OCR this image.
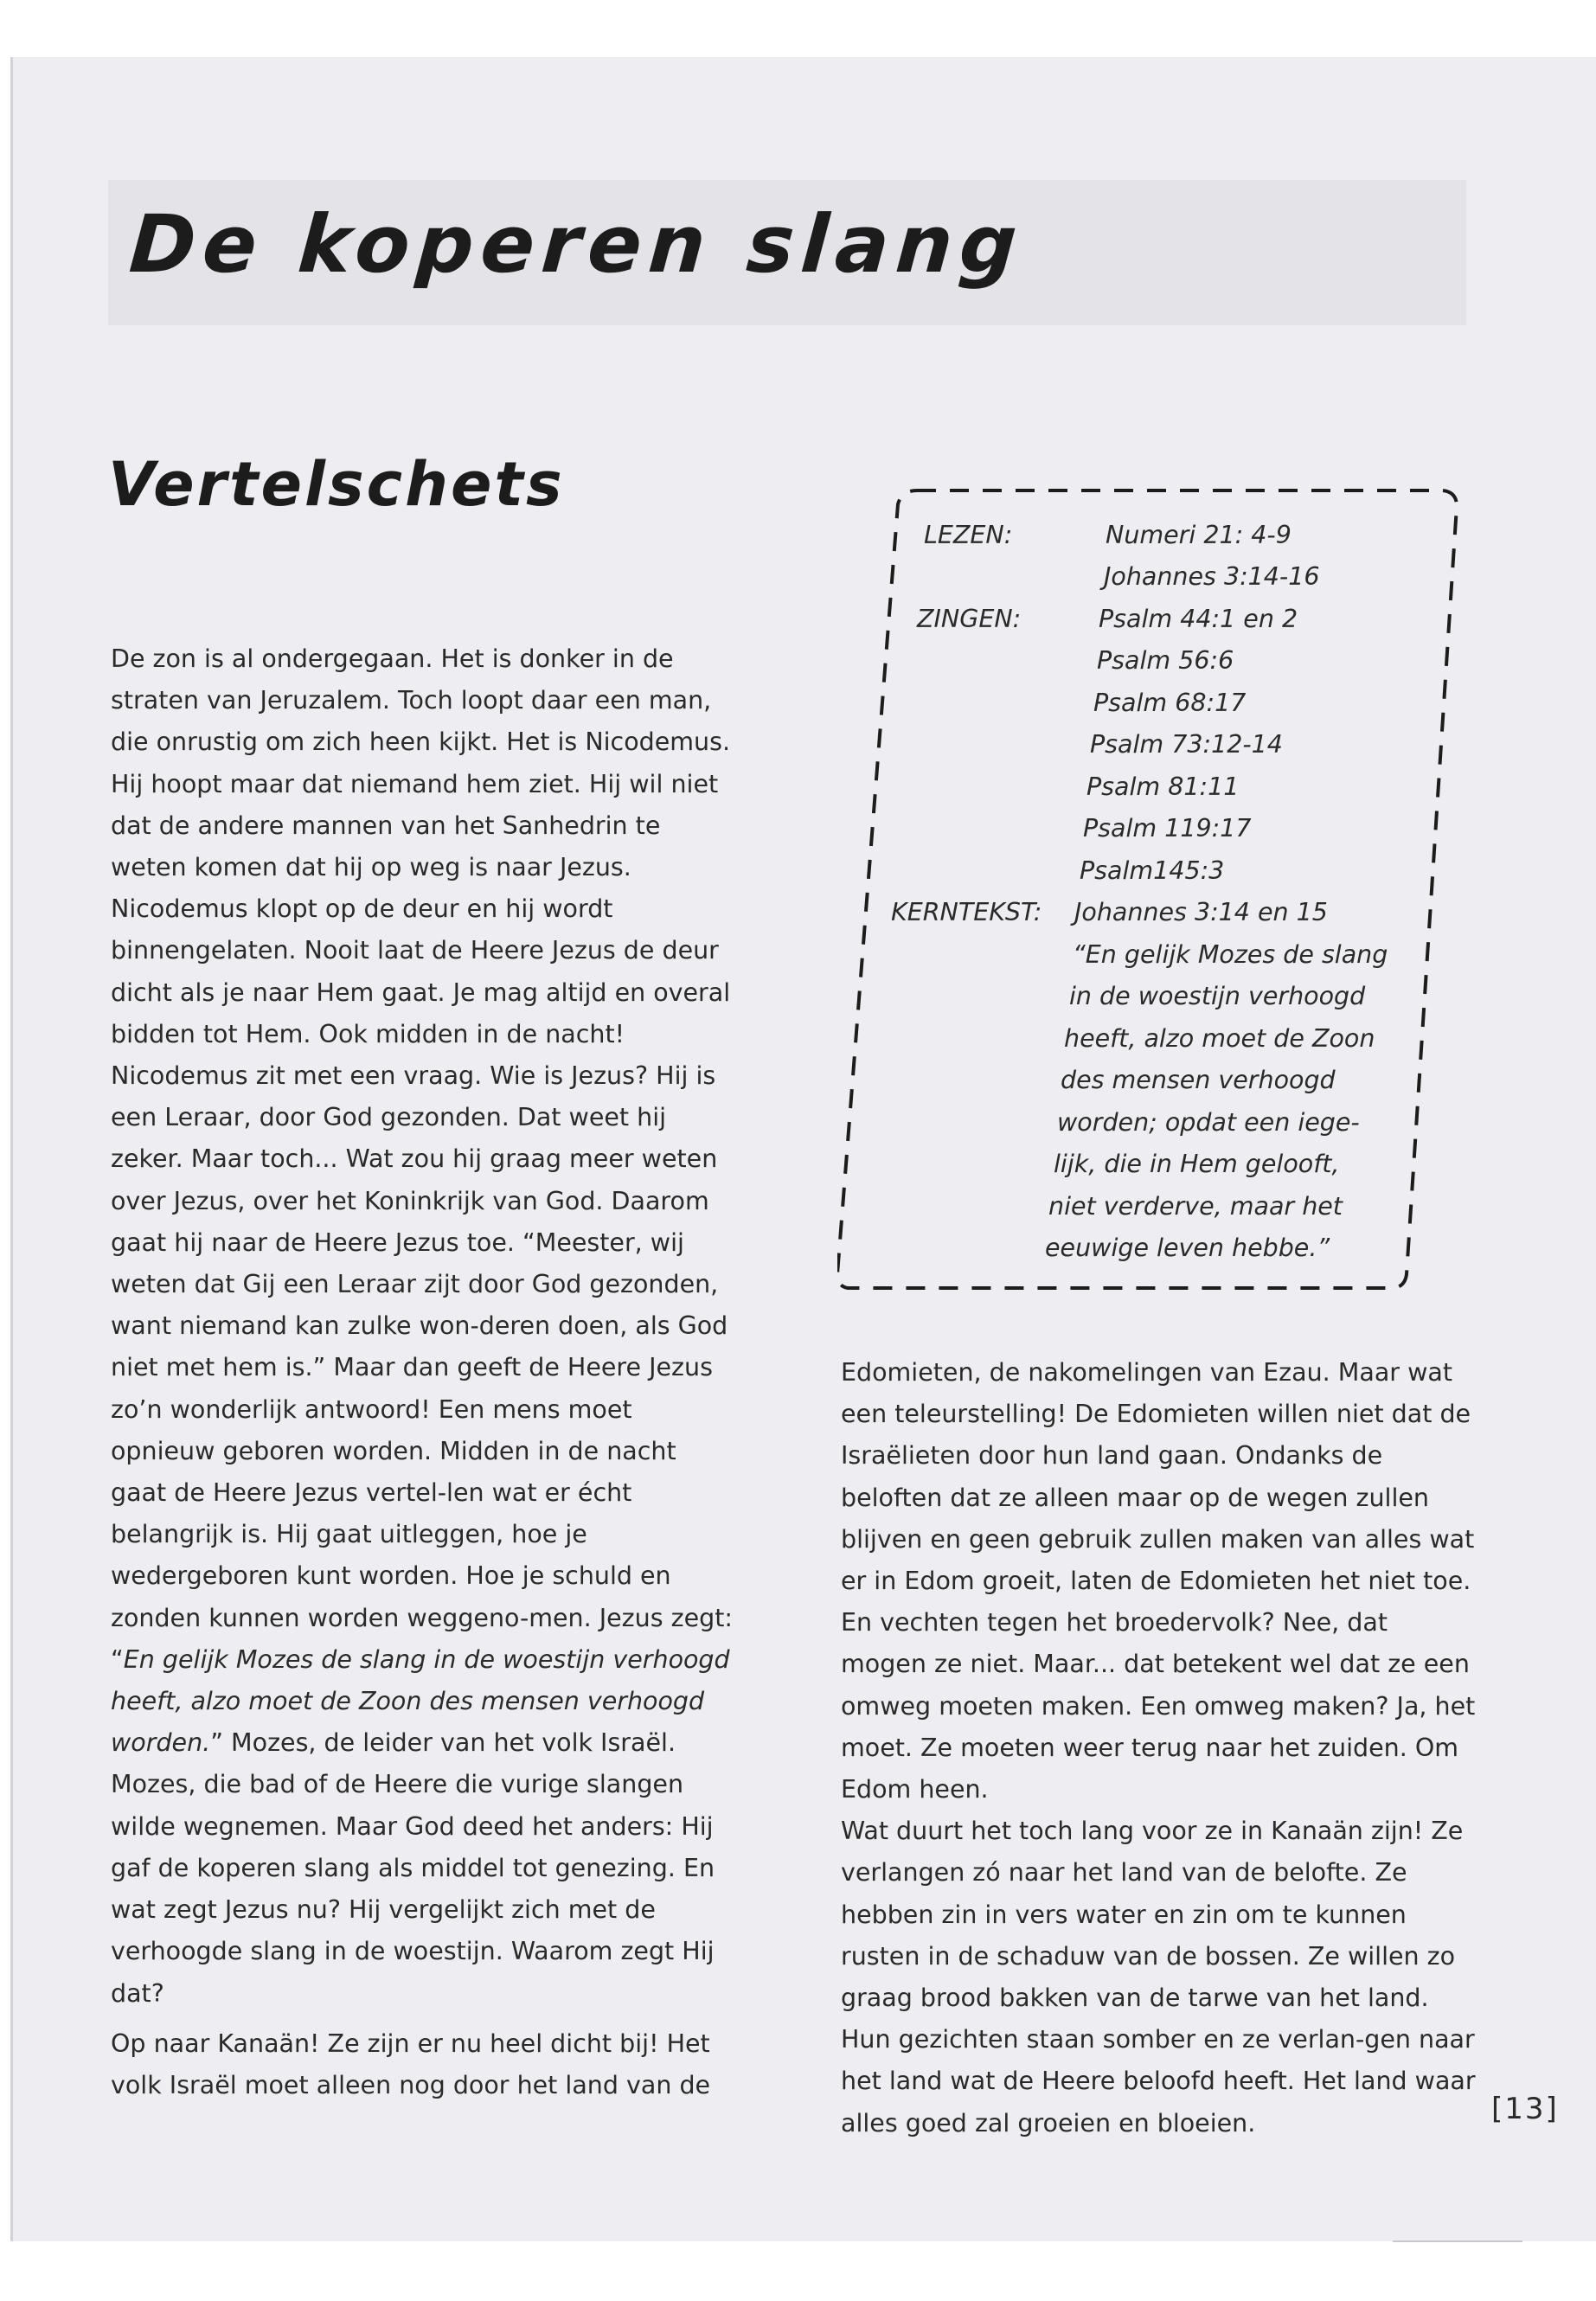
De koperen slang
Vertelschets

De zon is al ondergegaan. Het is donker in de straten van Jeruzalem. Toch loopt daar een man, die onrustig om zich heen kijkt. Het is Nicodemus. Hij hoopt maar dat niemand hem ziet. Hij wil niet dat de andere mannen van het Sanhedrin te weten komen dat hij op weg is naar Jezus. Nicodemus klopt op de deur en hij wordt binnengelaten. Nooit laat de Heere Jezus de deur dicht als je naar Hem gaat. Je mag altijd en overal bidden tot Hem. Ook midden in de nacht! Nicodemus zit met een vraag. Wie is Jezus? Hij is een Leraar, door God gezonden. Dat weet hij zeker. Maar toch... Wat zou hij graag meer weten over Jezus, over het Koninkrijk van God. Daarom gaat hij naar de Heere Jezus toe. “Meester, wij weten dat Gij een Leraar zijt door God gezonden, want niemand kan zulke won-deren doen, als God niet met hem is.” Maar dan geeft de Heere Jezus zo’n wonderlijk antwoord! Een mens moet opnieuw geboren worden. Midden in de nacht gaat de Heere Jezus vertel-len wat er écht belangrijk is. Hij gaat uitleggen, hoe je wedergeboren kunt worden. Hoe je schuld en zonden kunnen worden weggeno-men. Jezus zegt: “En gelijk Mozes de slang in de woestijn verhoogd heeft, alzo moet de Zoon des mensen verhoogd worden.” Mozes, de leider van het volk Israël. Mozes, die bad of de Heere die vurige slangen wilde wegnemen. Maar God deed het anders: Hij gaf de koperen slang als middel tot genezing. En wat zegt Jezus nu? Hij vergelijkt zich met de verhoogde slang in de woestijn. Waarom zegt Hij dat?

Op naar Kanaän! Ze zijn er nu heel dicht bij! Het volk Israël moet alleen nog door het land van de

LEZEN:	Numeri 21: 4-9
Johannes 3:14-16
ZINGEN:	Psalm 44:1 en 2
Psalm 56:6
Psalm 68:17
Psalm 73:12-14
Psalm 81:11
Psalm 119:17
Psalm145:3
KERNTEKST: Johannes 3:14 en 15
“En gelijk Mozes de slang
in de woestijn verhoogd
heeft, alzo moet de Zoon
des mensen verhoogd
worden; opdat een iege-
lijk, die in Hem gelooft,
niet verderve, maar het
eeuwige leven hebbe.”

Edomieten, de nakomelingen van Ezau. Maar wat een teleurstelling! De Edomieten willen niet dat de Israëlieten door hun land gaan. Ondanks de beloften dat ze alleen maar op de wegen zullen blijven en geen gebruik zullen maken van alles wat er in Edom groeit, laten de Edomieten het niet toe. En vechten tegen het broedervolk? Nee, dat mogen ze niet. Maar... dat betekent wel dat ze een omweg moeten maken. Een omweg maken? Ja, het moet. Ze moeten weer terug naar het zuiden. Om Edom heen.

Wat duurt het toch lang voor ze in Kanaän zijn! Ze verlangen zó naar het land van de belofte. Ze hebben zin in vers water en zin om te kunnen rusten in de schaduw van de bossen. Ze willen zo graag brood bakken van de tarwe van het land. Hun gezichten staan somber en ze verlan-gen naar het land wat de Heere beloofd heeft. Het land waar alles goed zal groeien en bloeien.	[13]
